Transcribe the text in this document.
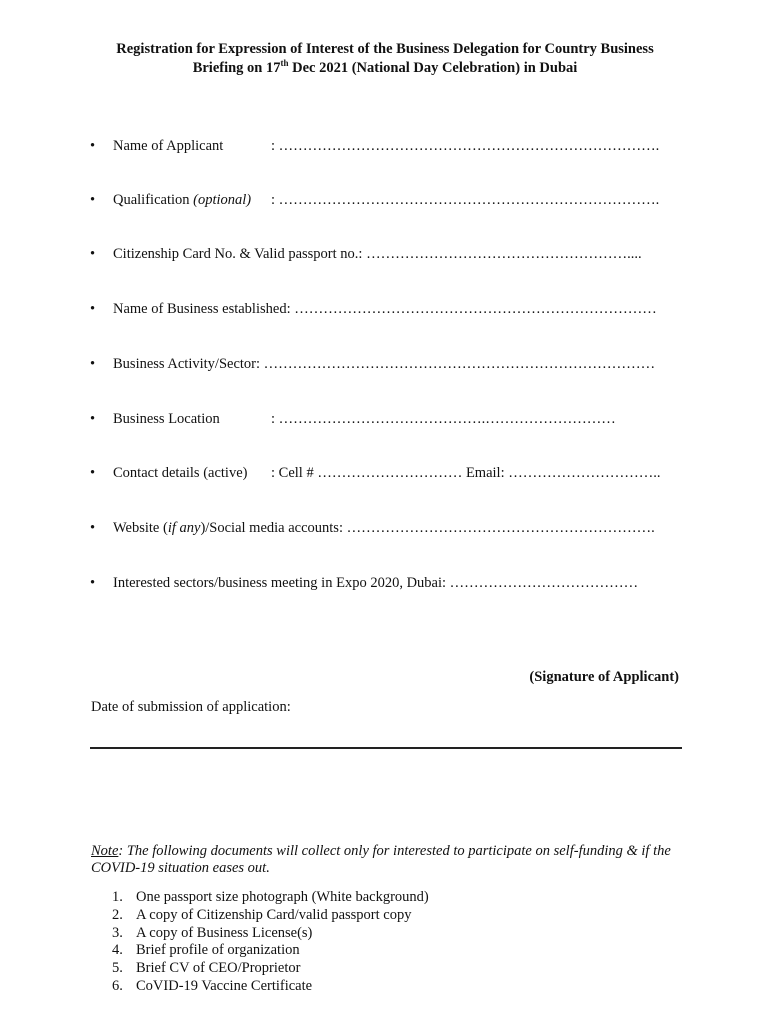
Registration for Expression of Interest of the Business Delegation for Country Business
Briefing on 17th Dec 2021 (National Day Celebration) in Dubai
• Name of Applicant	: …………………………………………………………………….
• Qualification (optional) : …………………………………………………………………….
• Citizenship Card No. & Valid passport no.: ………………………………………………....
• Name of Business established: …………………………………………………………………
• Business Activity/Sector: ………………………………………………………………………
• Business Location	: …………………………………….………………………
• Contact details (active) : Cell # ………………………… Email: …………………………..
• Website (if any)/Social media accounts: ……………………………………………………….
• Interested sectors/business meeting in Expo 2020, Dubai: …………………………………
(Signature of Applicant)
Date of submission of application:
Note: The following documents will collect only for interested to participate on self-funding & if the COVID-19 situation eases out.
1. One passport size photograph (White background)
2. A copy of Citizenship Card/valid passport copy
3. A copy of Business License(s)
4. Brief profile of organization
5. Brief CV of CEO/Proprietor
6. CoVID-19 Vaccine Certificate
